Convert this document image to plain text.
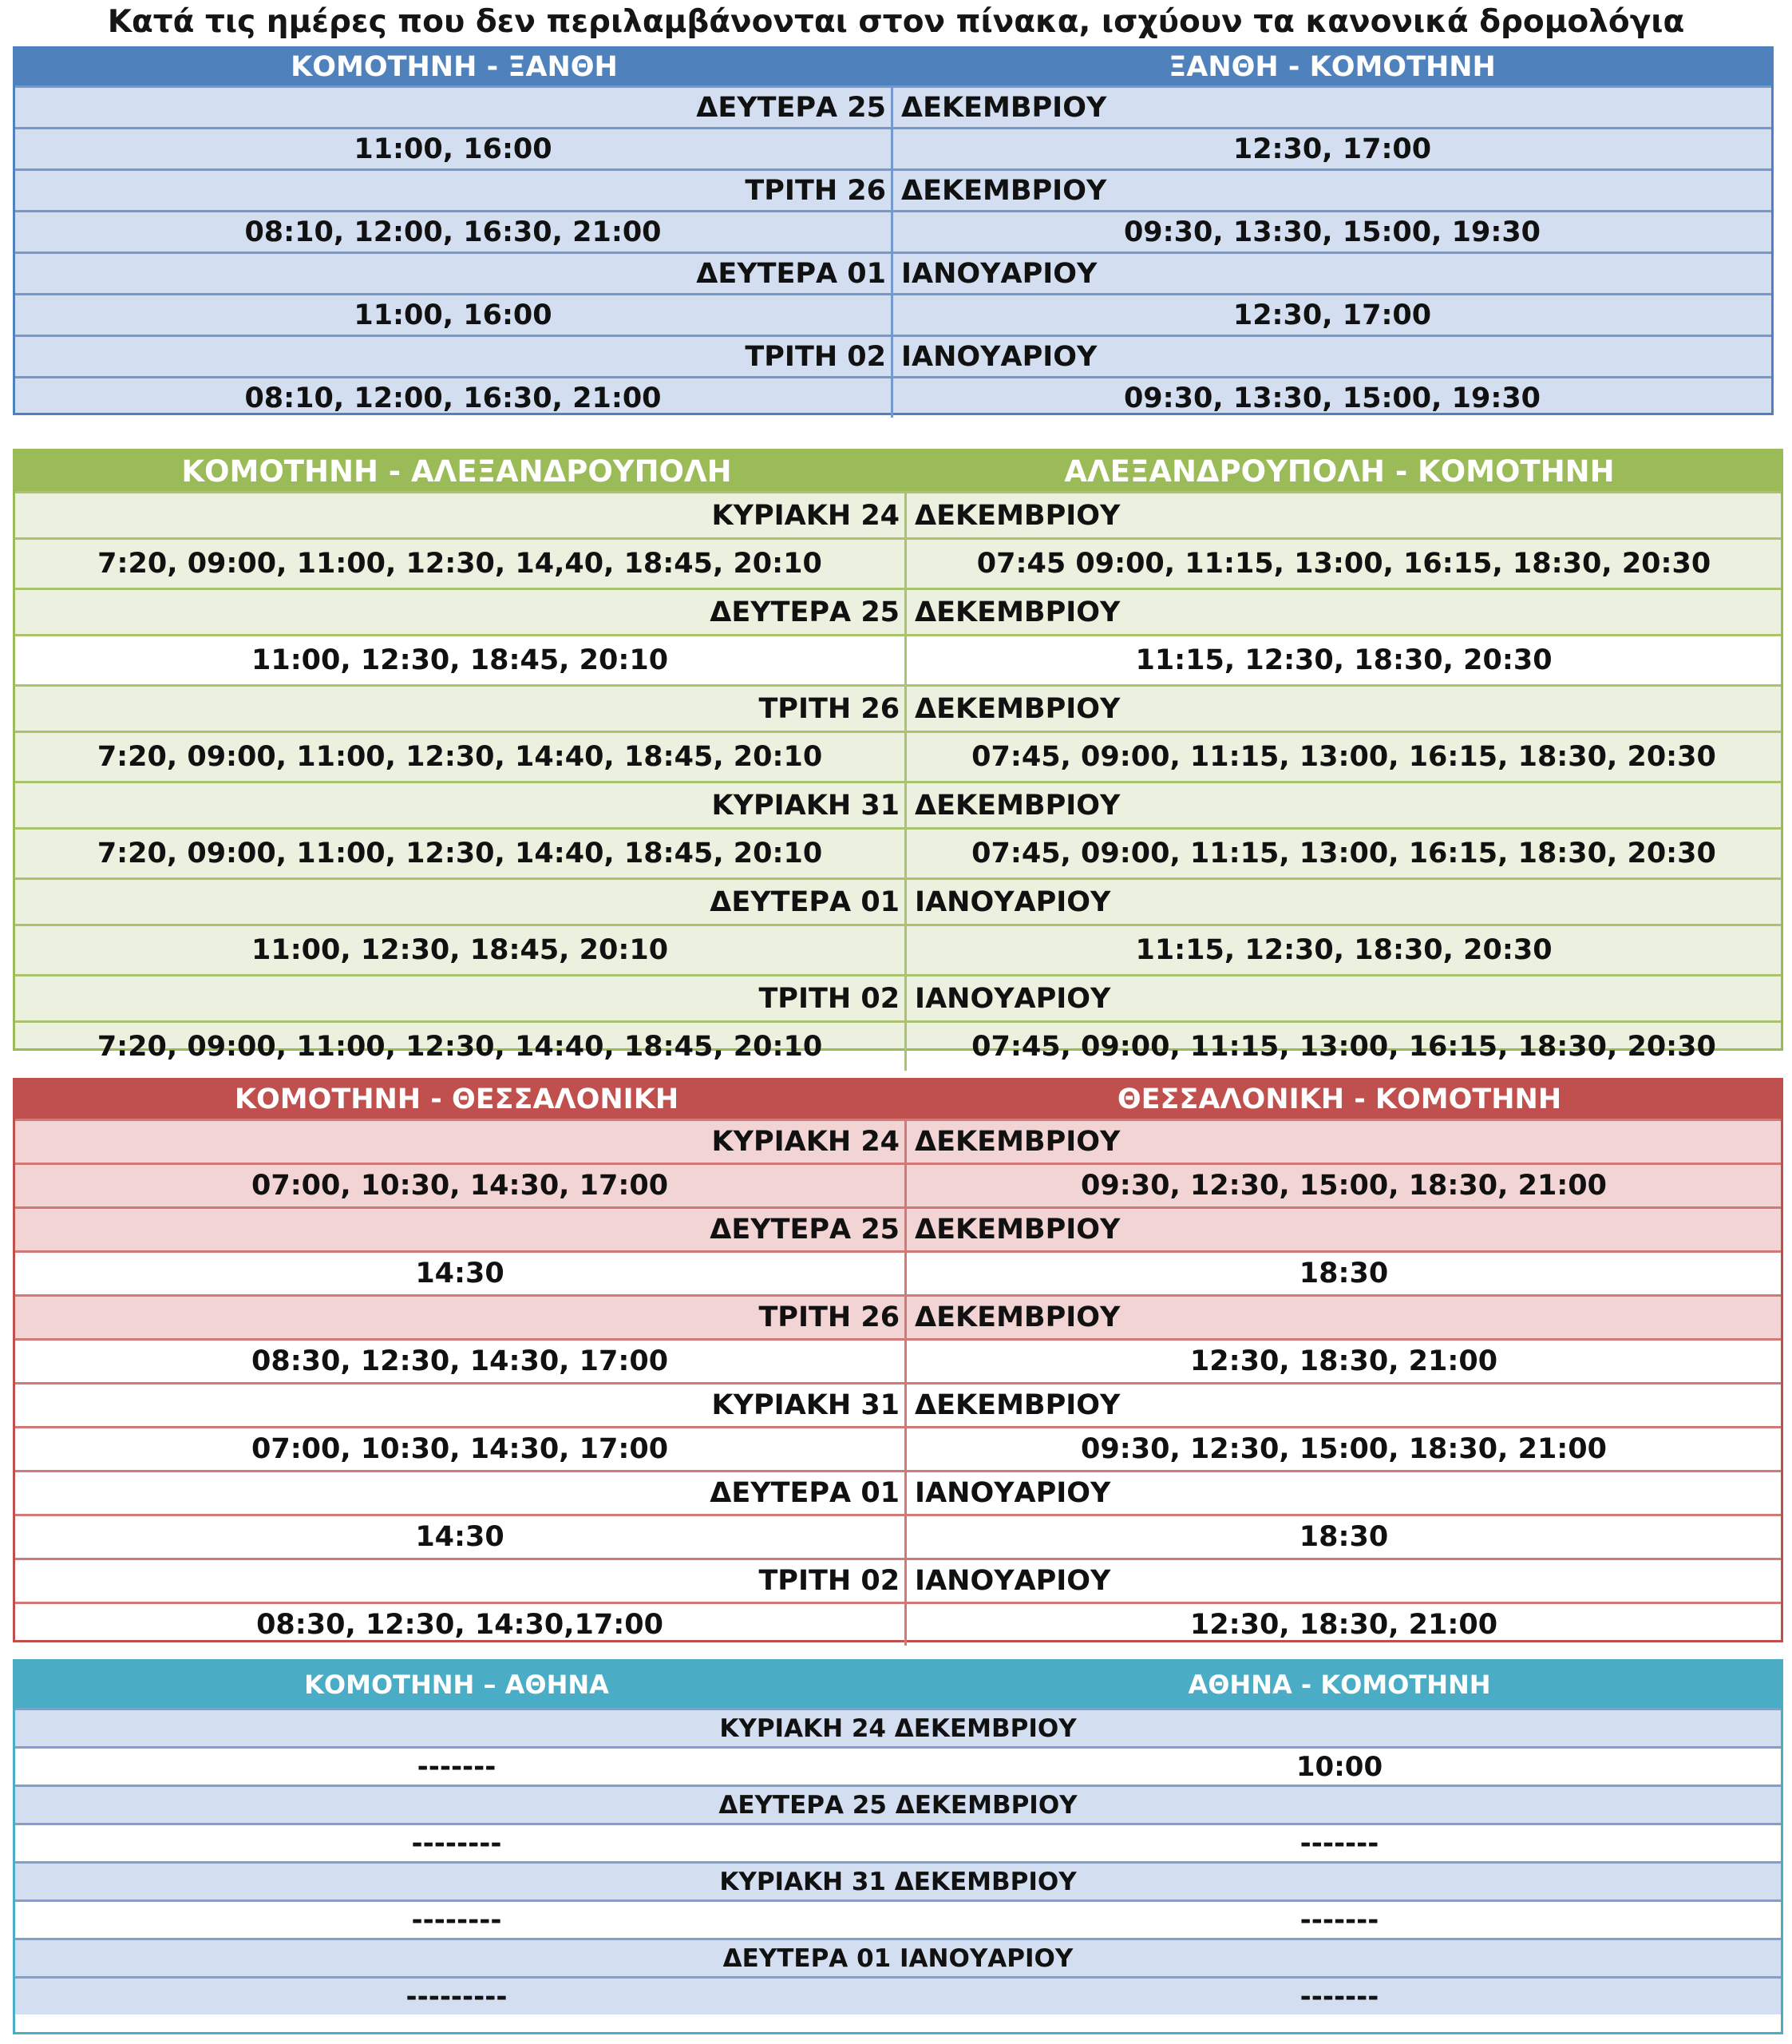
Κατά τις ημέρες που δεν περιλαμβάνονται στον πίνακα, ισχύουν τα κανονικά δρομολόγια
ΚΟΜΟΤΗΝΗ - ΞΑΝΘΗ	ΞΑΝΘΗ - ΚΟΜΟΤΗΝΗ
ΔΕΥΤΕΡΑ 25 ΔΕΚΕΜΒΡΙΟΥ
11:00, 16:00	12:30, 17:00
ΤΡΙΤΗ 26 ΔΕΚΕΜΒΡΙΟΥ
08:10, 12:00, 16:30, 21:00	09:30, 13:30, 15:00, 19:30
ΔΕΥΤΕΡΑ 01 ΙΑΝΟΥΑΡΙΟΥ
11:00, 16:00	12:30, 17:00
ΤΡΙΤΗ 02 ΙΑΝΟΥΑΡΙΟΥ
08:10, 12:00, 16:30, 21:00	09:30, 13:30, 15:00, 19:30
ΚΟΜΟΤΗΝΗ - ΑΛΕΞΑΝΔΡΟΥΠΟΛΗ	ΑΛΕΞΑΝΔΡΟΥΠΟΛΗ - ΚΟΜΟΤΗΝΗ
ΚΥΡΙΑΚΗ 24 ΔΕΚΕΜΒΡΙΟΥ
7:20, 09:00, 11:00, 12:30, 14,40, 18:45, 20:10	07:45 09:00, 11:15, 13:00, 16:15, 18:30, 20:30
ΔΕΥΤΕΡΑ 25 ΔΕΚΕΜΒΡΙΟΥ
11:00, 12:30, 18:45, 20:10	11:15, 12:30, 18:30, 20:30
ΤΡΙΤΗ 26 ΔΕΚΕΜΒΡΙΟΥ
7:20, 09:00, 11:00, 12:30, 14:40, 18:45, 20:10	07:45, 09:00, 11:15, 13:00, 16:15, 18:30, 20:30
ΚΥΡΙΑΚΗ 31 ΔΕΚΕΜΒΡΙΟΥ
7:20, 09:00, 11:00, 12:30, 14:40, 18:45, 20:10	07:45, 09:00, 11:15, 13:00, 16:15, 18:30, 20:30
ΔΕΥΤΕΡΑ 01 ΙΑΝΟΥΑΡΙΟΥ
11:00, 12:30, 18:45, 20:10	11:15, 12:30, 18:30, 20:30
ΤΡΙΤΗ 02 ΙΑΝΟΥΑΡΙΟΥ
7:20, 09:00, 11:00, 12:30, 14:40, 18:45, 20:10	07:45, 09:00, 11:15, 13:00, 16:15, 18:30, 20:30
ΚΟΜΟΤΗΝΗ - ΘΕΣΣΑΛΟΝΙΚΗ	ΘΕΣΣΑΛΟΝΙΚΗ - ΚΟΜΟΤΗΝΗ
ΚΥΡΙΑΚΗ 24 ΔΕΚΕΜΒΡΙΟΥ
07:00, 10:30, 14:30, 17:00	09:30, 12:30, 15:00, 18:30, 21:00
ΔΕΥΤΕΡΑ 25 ΔΕΚΕΜΒΡΙΟΥ
14:30	18:30
ΤΡΙΤΗ 26 ΔΕΚΕΜΒΡΙΟΥ
08:30, 12:30, 14:30, 17:00	12:30, 18:30, 21:00
ΚΥΡΙΑΚΗ 31 ΔΕΚΕΜΒΡΙΟΥ
07:00, 10:30, 14:30, 17:00	09:30, 12:30, 15:00, 18:30, 21:00
ΔΕΥΤΕΡΑ 01 ΙΑΝΟΥΑΡΙΟΥ
14:30	18:30
ΤΡΙΤΗ 02 ΙΑΝΟΥΑΡΙΟΥ
08:30, 12:30, 14:30,17:00	12:30, 18:30, 21:00
ΚΟΜΟΤΗΝΗ – ΑΘΗΝΑ	ΑΘΗΝΑ - ΚΟΜΟΤΗΝΗ
ΚΥΡΙΑΚΗ 24 ΔΕΚΕΜΒΡΙΟΥ
-------	10:00
ΔΕΥΤΕΡΑ 25 ΔΕΚΕΜΒΡΙΟΥ
--------	-------
ΚΥΡΙΑΚΗ 31 ΔΕΚΕΜΒΡΙΟΥ
--------	-------
ΔΕΥΤΕΡΑ 01 ΙΑΝΟΥΑΡΙΟΥ
---------	-------
